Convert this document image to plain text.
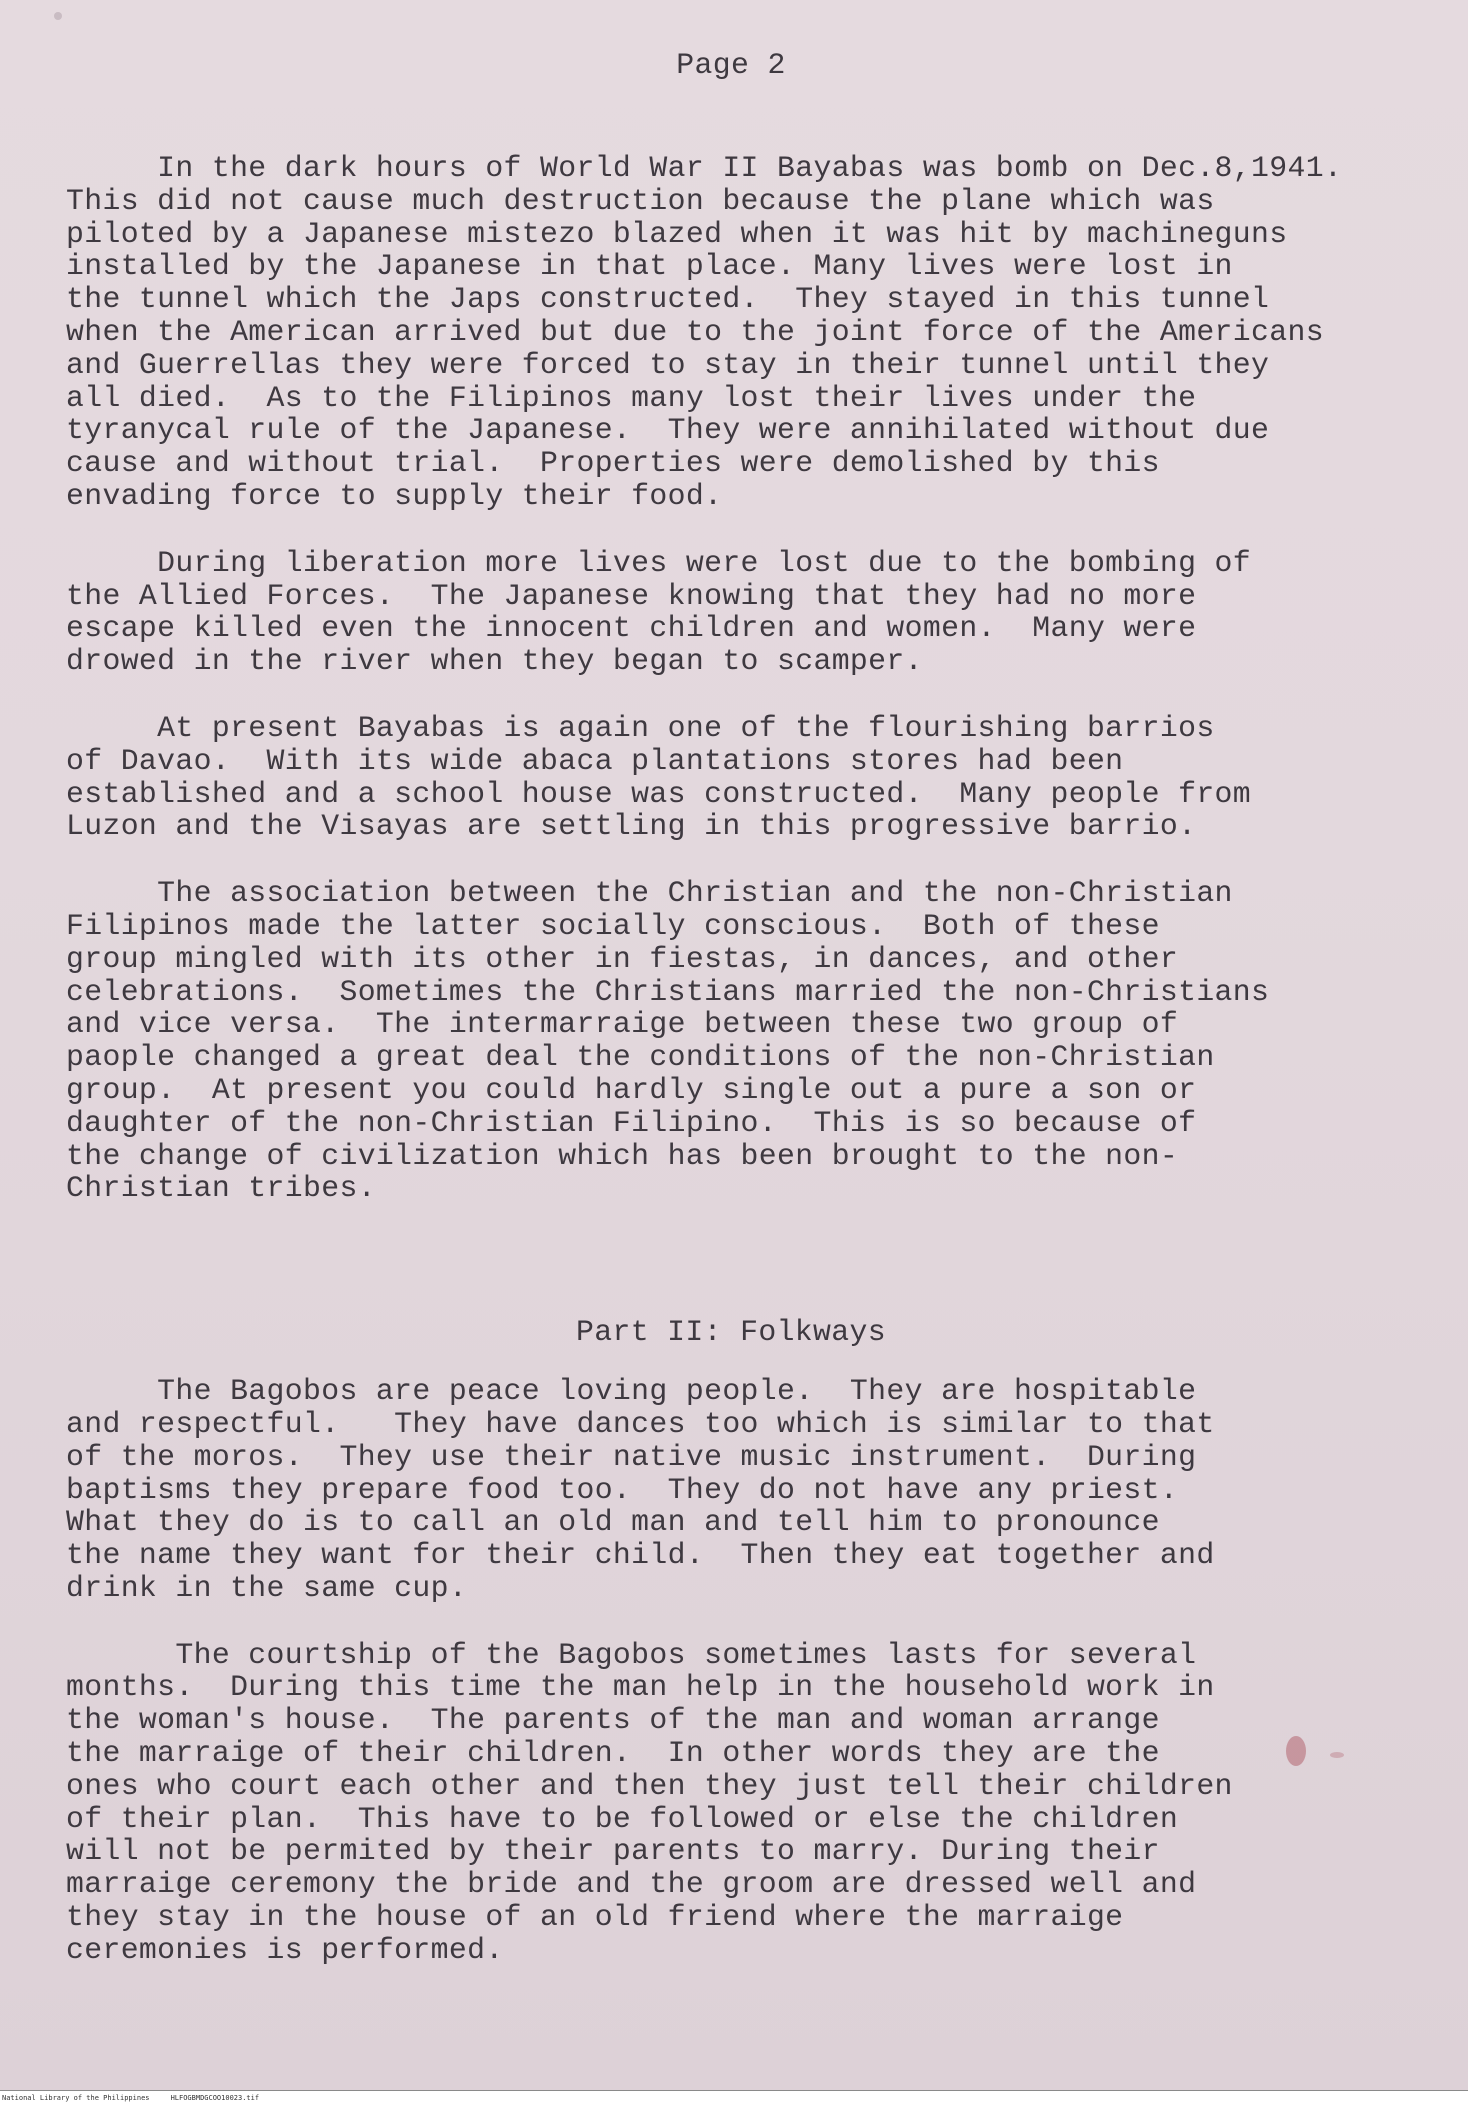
Page 2
In the dark hours of World War II Bayabas was bomb on Dec.8,1941.
This did not cause much destruction because the plane which was
piloted by a Japanese mistezo blazed when it was hit by machineguns
installed by the Japanese in that place. Many lives were lost in
the tunnel which the Japs constructed.  They stayed in this tunnel
when the American arrived but due to the joint force of the Americans
and Guerrellas they were forced to stay in their tunnel until they
all died.  As to the Filipinos many lost their lives under the
tyranycal rule of the Japanese.  They were annihilated without due
cause and without trial.  Properties were demolished by this
envading force to supply their food.
During liberation more lives were lost due to the bombing of
the Allied Forces.  The Japanese knowing that they had no more
escape killed even the innocent children and women.  Many were
drowed in the river when they began to scamper.
At present Bayabas is again one of the flourishing barrios
of Davao.  With its wide abaca plantations stores had been
established and a school house was constructed.  Many people from
Luzon and the Visayas are settling in this progressive barrio.
The association between the Christian and the non-Christian
Filipinos made the latter socially conscious.  Both of these
group mingled with its other in fiestas, in dances, and other
celebrations.  Sometimes the Christians married the non-Christians
and vice versa.  The intermarraige between these two group of
paople changed a great deal the conditions of the non-Christian
group.  At present you could hardly single out a pure a son or
daughter of the non-Christian Filipino.  This is so because of
the change of civilization which has been brought to the non-
Christian tribes.
Part II: Folkways
The Bagobos are peace loving people.  They are hospitable
and respectful.   They have dances too which is similar to that
of the moros.  They use their native music instrument.  During
baptisms they prepare food too.  They do not have any priest.
What they do is to call an old man and tell him to pronounce
the name they want for their child.  Then they eat together and
drink in the same cup.
The courtship of the Bagobos sometimes lasts for several
months.  During this time the man help in the household work in
the woman's house.  The parents of the man and woman arrange
the marraige of their children.  In other words they are the
ones who court each other and then they just tell their children
of their plan.  This have to be followed or else the children
will not be permited by their parents to marry. During their
marraige ceremony the bride and the groom are dressed well and
they stay in the house of an old friend where the marraige
ceremonies is performed.
National Library of the Philippines     HLFOGBMDGCOO10023.tif
